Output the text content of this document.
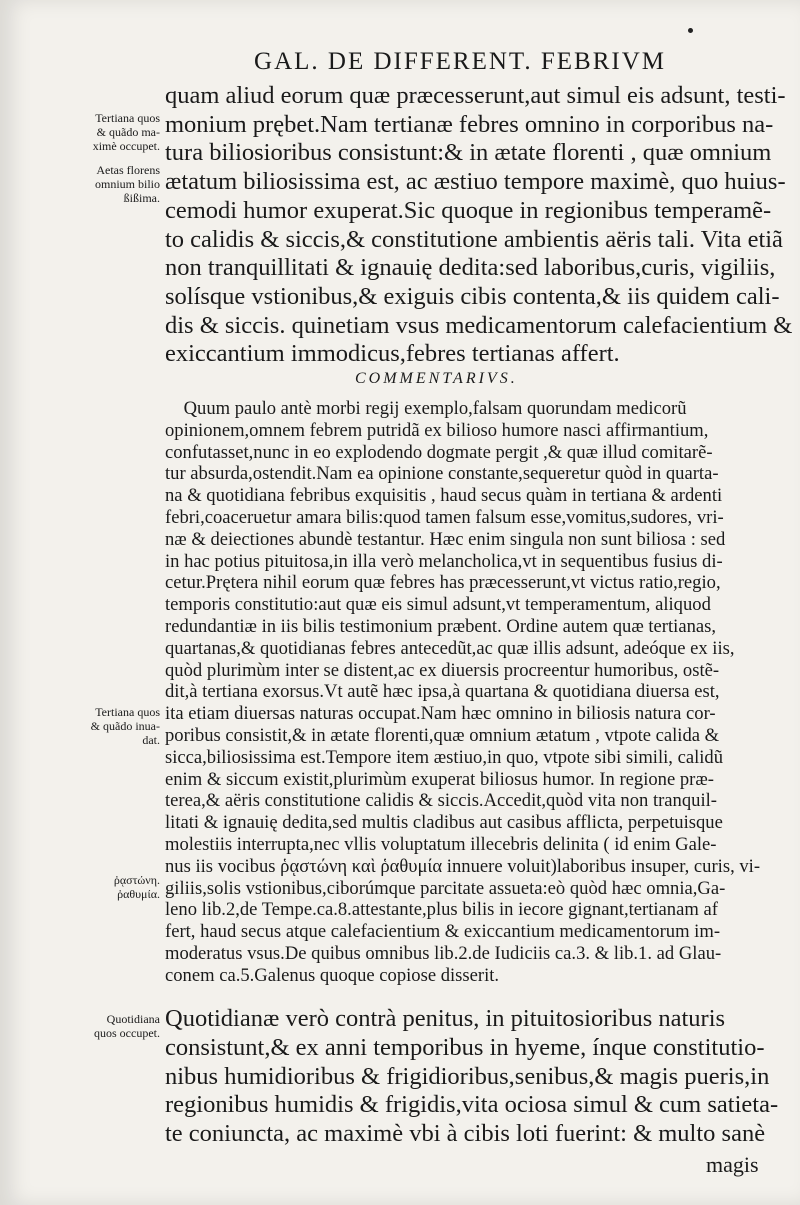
GAL. DE DIFFERENT. FEBRIVM
Tertiana quos
& quãdo ma-
ximè occupet.
Aetas florens
omnium bilio
ßißima.
Tertiana quos
& quãdo inua-
dat.
ῥᾳστώνη.
ῥαθυμία.
Quotidiana
quos occupet.
quam aliud eorum quæ præcesserunt,aut simul eis adsunt, testi-
monium prębet.Nam tertianæ febres omnino in corporibus na-
tura biliosioribus consistunt:& in ætate florenti , quæ omnium
ætatum biliosissima est, ac æstiuo tempore maximè, quo huius-
cemodi humor exuperat.Sic quoque in regionibus temperamẽ-
to calidis & siccis,& constitutione ambientis aëris tali. Vita etiã
non tranquillitati & ignauię dedita:sed laboribus,curis, vigiliis,
solísque vstionibus,& exiguis cibis contenta,& iis quidem cali-
dis & siccis. quinetiam vsus medicamentorum calefacientium &
exiccantium immodicus,febres tertianas affert.
COMMENTARIVS.
Quum paulo antè morbi regij exemplo,falsam quorundam medicorũ
opinionem,omnem febrem putridã ex bilioso humore nasci affirmantium,
confutasset,nunc in eo explodendo dogmate pergit ,& quæ illud comitarẽ-
tur absurda,ostendit.Nam ea opinione constante,sequeretur quòd in quarta-
na & quotidiana febribus exquisitis , haud secus quàm in tertiana & ardenti
febri,coaceruetur amara bilis:quod tamen falsum esse,vomitus,sudores, vri-
næ & deiectiones abundè testantur. Hæc enim singula non sunt biliosa : sed
in hac potius pituitosa,in illa verò melancholica,vt in sequentibus fusius di-
cetur.Prętera nihil eorum quæ febres has præcesserunt,vt victus ratio,regio,
temporis constitutio:aut quæ eis simul adsunt,vt temperamentum, aliquod
redundantiæ in iis bilis testimonium præbent. Ordine autem quæ tertianas,
quartanas,& quotidianas febres antecedũt,ac quæ illis adsunt, adeóque ex iis,
quòd plurimùm inter se distent,ac ex diuersis procreentur humoribus, ostẽ-
dit,à tertiana exorsus.Vt autẽ hæc ipsa,à quartana & quotidiana diuersa est,
ita etiam diuersas naturas occupat.Nam hæc omnino in biliosis natura cor-
poribus consistit,& in ætate florenti,quæ omnium ætatum , vtpote calida &
sicca,biliosissima est.Tempore item æstiuo,in quo, vtpote sibi simili, calidũ
enim & siccum existit,plurimùm exuperat biliosus humor. In regione præ-
terea,& aëris constitutione calidis & siccis.Accedit,quòd vita non tranquil-
litati & ignauię dedita,sed multis cladibus aut casibus afflicta, perpetuisque
molestiis interrupta,nec vllis voluptatum illecebris delinita ( id enim Gale-
nus iis vocibus ῥᾳστώνη καὶ ῥαθυμία innuere voluit)laboribus insuper, curis, vi-
giliis,solis vstionibus,ciborúmque parcitate assueta:eò quòd hæc omnia,Ga-
leno lib.2,de Tempe.ca.8.attestante,plus bilis in iecore gignant,tertianam af
fert, haud secus atque calefacientium & exiccantium medicamentorum im-
moderatus vsus.De quibus omnibus lib.2.de Iudiciis ca.3. & lib.1. ad Glau-
conem ca.5.Galenus quoque copiose disserit.
Quotidianæ verò contrà penitus, in pituitosioribus naturis
consistunt,& ex anni temporibus in hyeme, ínque constitutio-
nibus humidioribus & frigidioribus,senibus,& magis pueris,in
regionibus humidis & frigidis,vita ociosa simul & cum satieta-
te coniuncta, ac maximè vbi à cibis loti fuerint: & multo sanè
magis
